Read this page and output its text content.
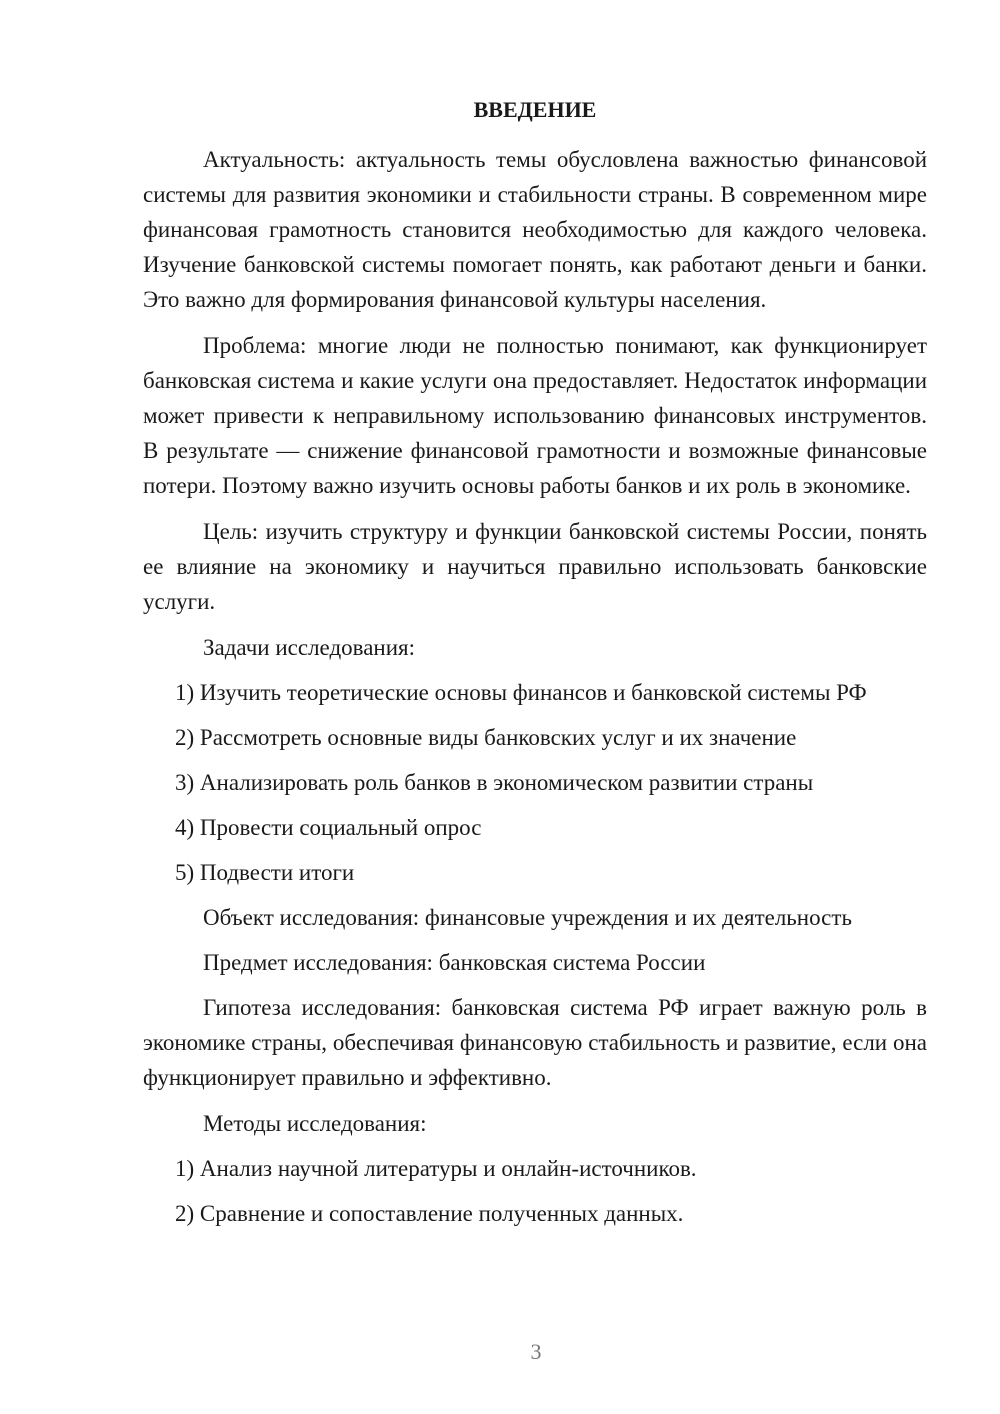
ВВЕДЕНИЕ

Актуальность: актуальность темы обусловлена важностью финансовой системы для развития экономики и стабильности страны. В современном мире финансовая грамотность становится необходимостью для каждого человека. Изучение банковской системы помогает понять, как работают деньги и банки. Это важно для формирования финансовой культуры населения.

Проблема: многие люди не полностью понимают, как функционирует банковская система и какие услуги она предоставляет. Недостаток информации может привести к неправильному использованию финансовых инструментов. В результате — снижение финансовой грамотности и возможные финансовые потери. Поэтому важно изучить основы работы банков и их роль в экономике.

Цель: изучить структуру и функции банковской системы России, понять ее влияние на экономику и научиться правильно использовать банковские услуги.

Задачи исследования:

1) Изучить теоретические основы финансов и банковской системы РФ

2) Рассмотреть основные виды банковских услуг и их значение

3) Анализировать роль банков в экономическом развитии страны

4) Провести социальный опрос

5) Подвести итоги

Объект исследования: финансовые учреждения и их деятельность

Предмет исследования: банковская система России

Гипотеза исследования: банковская система РФ играет важную роль в экономике страны, обеспечивая финансовую стабильность и развитие, если она функционирует правильно и эффективно.

Методы исследования:

1) Анализ научной литературы и онлайн-источников.

2) Сравнение и сопоставление полученных данных.

3
